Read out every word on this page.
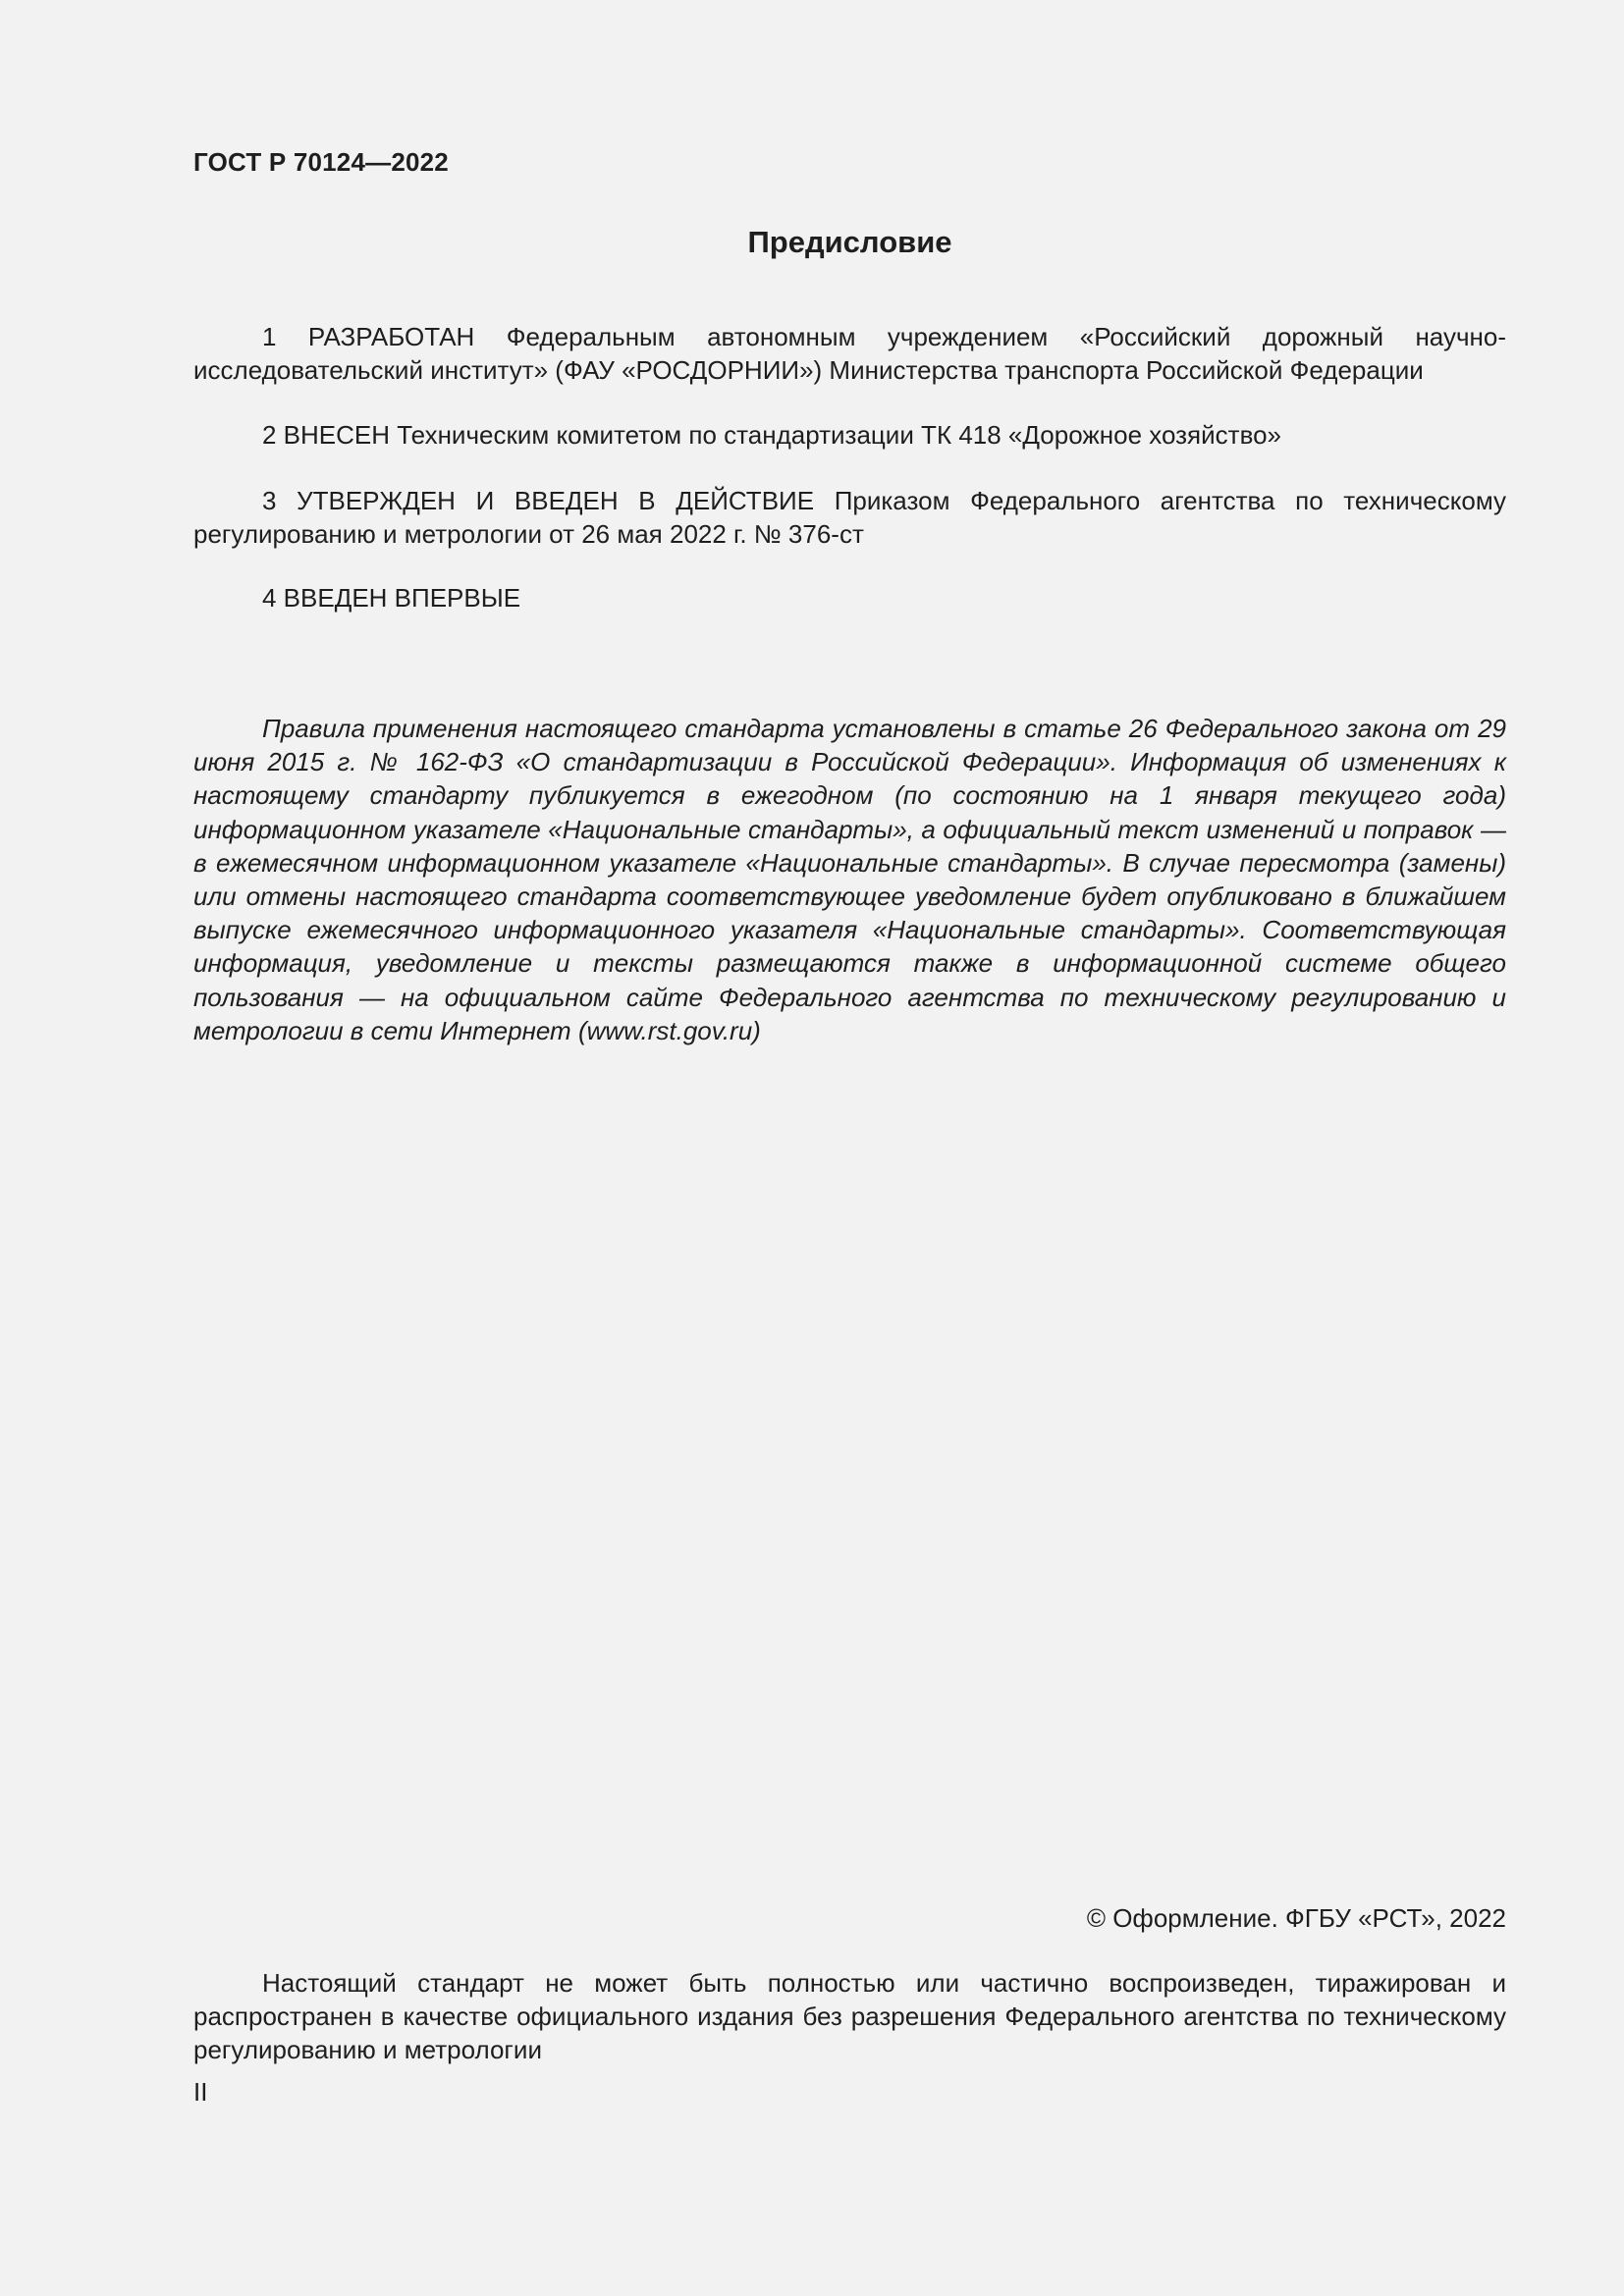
ГОСТ Р 70124—2022
Предисловие

1 РАЗРАБОТАН Федеральным автономным учреждением «Российский дорожный научно-исследовательский институт» (ФАУ «РОСДОРНИИ») Министерства транспорта Российской Федерации

2 ВНЕСЕН Техническим комитетом по стандартизации ТК 418 «Дорожное хозяйство»

3 УТВЕРЖДЕН И ВВЕДЕН В ДЕЙСТВИЕ Приказом Федерального агентства по техническому регулированию и метрологии от 26 мая 2022 г. № 376-ст

4 ВВЕДЕН ВПЕРВЫЕ

Правила применения настоящего стандарта установлены в статье 26 Федерального закона от 29 июня 2015 г. № 162-ФЗ «О стандартизации в Российской Федерации». Информация об изменениях к настоящему стандарту публикуется в ежегодном (по состоянию на 1 января текущего года) информационном указателе «Национальные стандарты», а официальный текст изменений и поправок — в ежемесячном информационном указателе «Национальные стандарты». В случае пересмотра (замены) или отмены настоящего стандарта соответствующее уведомление будет опубликовано в ближайшем выпуске ежемесячного информационного указателя «Национальные стандарты». Соответствующая информация, уведомление и тексты размещаются также в информационной системе общего пользования — на официальном сайте Федерального агентства по техническому регулированию и метрологии в сети Интернет (www.rst.gov.ru)

© Оформление. ФГБУ «РСТ», 2022

Настоящий стандарт не может быть полностью или частично воспроизведен, тиражирован и распространен в качестве официального издания без разрешения Федерального агентства по техническому регулированию и метрологии

II
